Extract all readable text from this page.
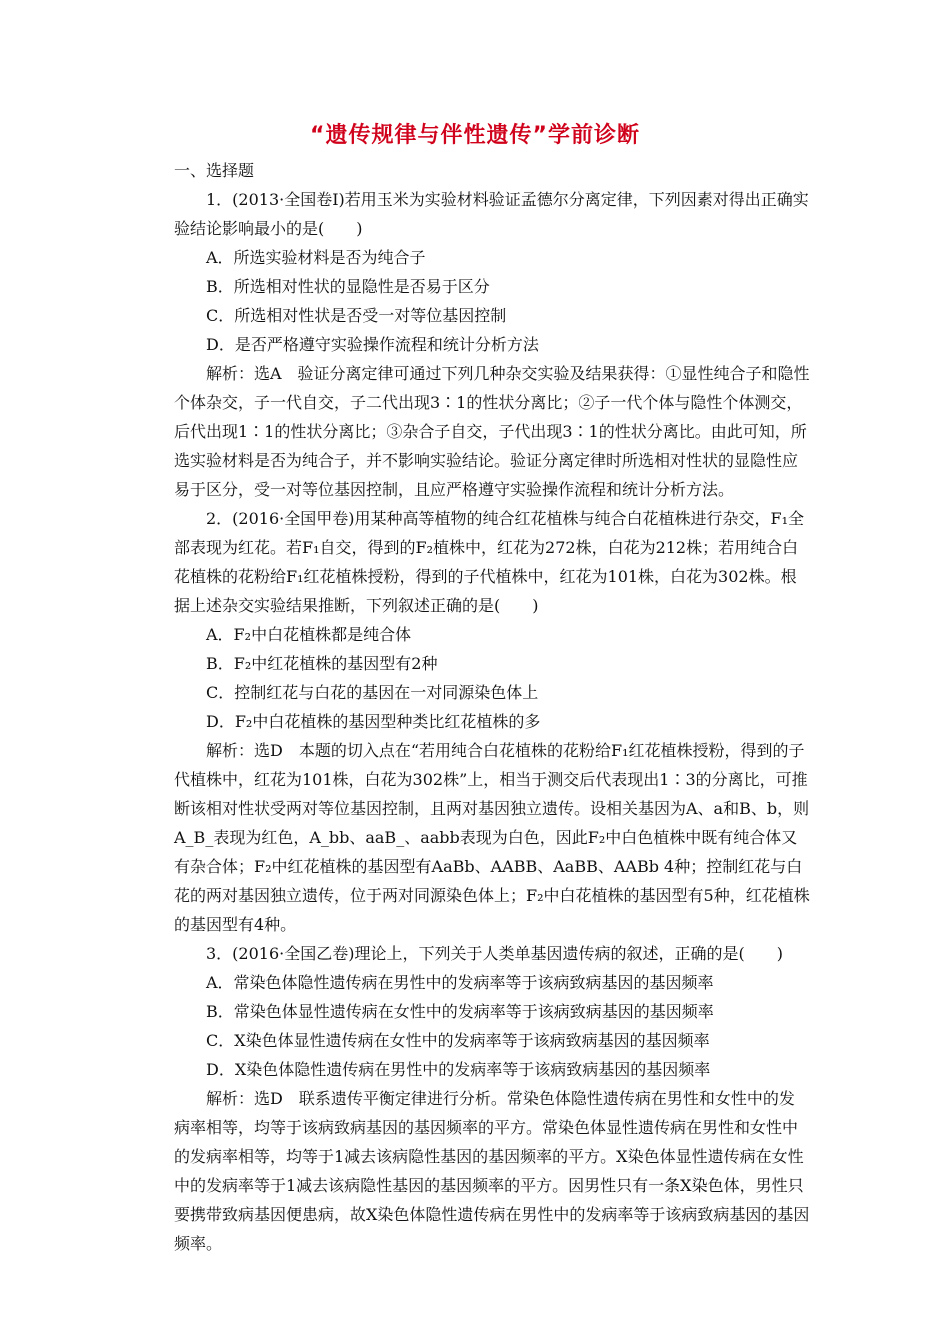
“遗传规律与伴性遗传”学前诊断

一、选择题

1．(2013·全国卷Ⅰ)若用玉米为实验材料验证孟德尔分离定律，下列因素对得出正确实验结论影响最小的是(　　)

A．所选实验材料是否为纯合子

B．所选相对性状的显隐性是否易于区分

C．所选相对性状是否受一对等位基因控制

D．是否严格遵守实验操作流程和统计分析方法

解析：选A　验证分离定律可通过下列几种杂交实验及结果获得：①显性纯合子和隐性个体杂交，子一代自交，子二代出现3∶1的性状分离比；②子一代个体与隐性个体测交，后代出现1∶1的性状分离比；③杂合子自交，子代出现3∶1的性状分离比。由此可知，所选实验材料是否为纯合子，并不影响实验结论。验证分离定律时所选相对性状的显隐性应易于区分，受一对等位基因控制，且应严格遵守实验操作流程和统计分析方法。

2．(2016·全国甲卷)用某种高等植物的纯合红花植株与纯合白花植株进行杂交，F₁全部表现为红花。若F₁自交，得到的F₂植株中，红花为272株，白花为212株；若用纯合白花植株的花粉给F₁红花植株授粉，得到的子代植株中，红花为101株，白花为302株。根据上述杂交实验结果推断，下列叙述正确的是(　　)

A．F₂中白花植株都是纯合体

B．F₂中红花植株的基因型有2种

C．控制红花与白花的基因在一对同源染色体上

D．F₂中白花植株的基因型种类比红花植株的多

解析：选D　本题的切入点在“若用纯合白花植株的花粉给F₁红花植株授粉，得到的子代植株中，红花为101株，白花为302株”上，相当于测交后代表现出1∶3的分离比，可推断该相对性状受两对等位基因控制，且两对基因独立遗传。设相关基因为A、a和B、b，则A_B_表现为红色，A_bb、aaB_、aabb表现为白色，因此F₂中白色植株中既有纯合体又有杂合体；F₂中红花植株的基因型有AaBb、AABB、AaBB、AABb 4种；控制红花与白花的两对基因独立遗传，位于两对同源染色体上；F₂中白花植株的基因型有5种，红花植株的基因型有4种。

3．(2016·全国乙卷)理论上，下列关于人类单基因遗传病的叙述，正确的是(　　)

A．常染色体隐性遗传病在男性中的发病率等于该病致病基因的基因频率

B．常染色体显性遗传病在女性中的发病率等于该病致病基因的基因频率

C．X染色体显性遗传病在女性中的发病率等于该病致病基因的基因频率

D．X染色体隐性遗传病在男性中的发病率等于该病致病基因的基因频率

解析：选D　联系遗传平衡定律进行分析。常染色体隐性遗传病在男性和女性中的发病率相等，均等于该病致病基因的基因频率的平方。常染色体显性遗传病在男性和女性中的发病率相等，均等于1减去该病隐性基因的基因频率的平方。X染色体显性遗传病在女性中的发病率等于1减去该病隐性基因的基因频率的平方。因男性只有一条X染色体，男性只要携带致病基因便患病，故X染色体隐性遗传病在男性中的发病率等于该病致病基因的基因频率。
